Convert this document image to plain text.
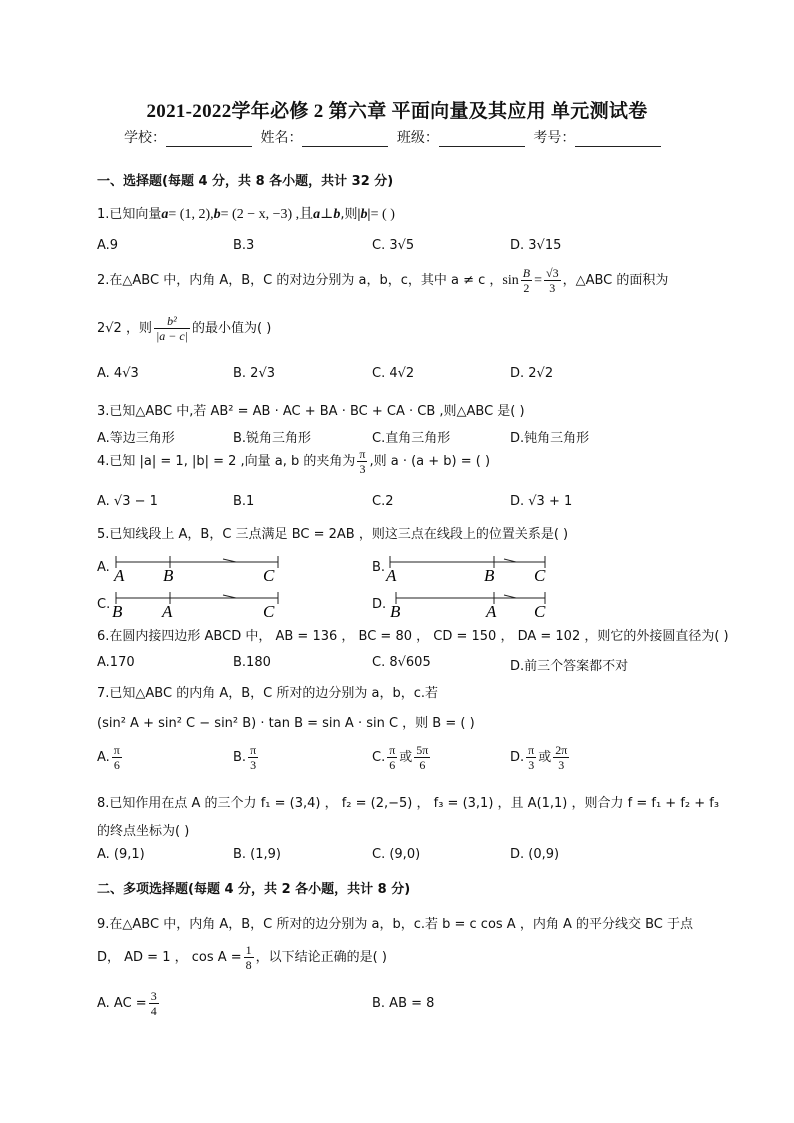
2021-2022学年必修 2 第六章 平面向量及其应用 单元测试卷
学校：	姓名：	班级：	考号：
一、选择题(每题 4 分，共 8 各小题，共计 32 分)
1.已知向量a= (1, 2),b= (2 − x, −3) ,且a⊥b,则|b|= ( )
A.9	B.3	C. 3√5	D. 3√15
2.在△ABC 中，内角 A，B，C 的对边分别为 a，b，c，其中 a ≠ c ，$\sin \frac{B}{2} = \frac{√3}{3}$ ，△ABC 的面积为
2√2 ，则 $\frac{\text{b²}}{|a - c|}$ 的最小值为( )
A. 4√3	B. 2√3	C. 4√2	D. 2√2
3.已知△ABC 中,若 AB² = AB · AC + BA · BC + CA · CB ,则△ABC 是( )
A.等边三角形	B.锐角三角形	C.直角三角形	D.钝角三角形
4.已知 |a| = 1, |b| = 2 ,向量 a, b 的夹角为 $\frac{\pi}{3}$ ,则 a · (a + b) = ( )
A. √3 − 1	B.1	C.2	D. √3 + 1
5.已知线段上 A，B，C 三点满足 BC = 2AB ，则这三点在线段上的位置关系是( )
A. A B	C	B. A	B C
C. B A	C	D. B	A C
6.在圆内接四边形 ABCD 中， AB = 136 ， BC = 80 ， CD = 150 ， DA = 102 ，则它的外接圆直径为( )
A.170	B.180	C. 8√605	D.前三个答案都不对
7.已知△ABC 的内角 A，B，C 所对的边分别为 a，b，c.若
(sin² A + sin² C − sin² B) · tan B = sin A · sin C ，则 B = ( )
A. $\frac{\pi}{6}$	B. $\frac{\pi}{3}$	C. $\frac{\pi}{6}$ 或 $\frac{5\pi}{6}$	D. $\frac{\pi}{3}$ 或 $\frac{2\pi}{3}$
8.已知作用在点 A 的三个力 f₁ = (3,4) ， f₂ = (2,−5) ， f₃ = (3,1) ，且 A(1,1) ，则合力 f = f₁ + f₂ + f₃
的终点坐标为( )
A. (9,1)	B. (1,9)	C. (9,0)	D. (0,9)
二、多项选择题(每题 4 分，共 2 各小题，共计 8 分)
9.在△ABC 中，内角 A，B，C 所对的边分别为 a，b，c.若 b = c cos A ，内角 A 的平分线交 BC 于点
D， AD = 1 ， $\cos A = \frac{1}{8}$ ，以下结论正确的是( )
A. AC = $\frac{3}{4}$	B. AB = 8
